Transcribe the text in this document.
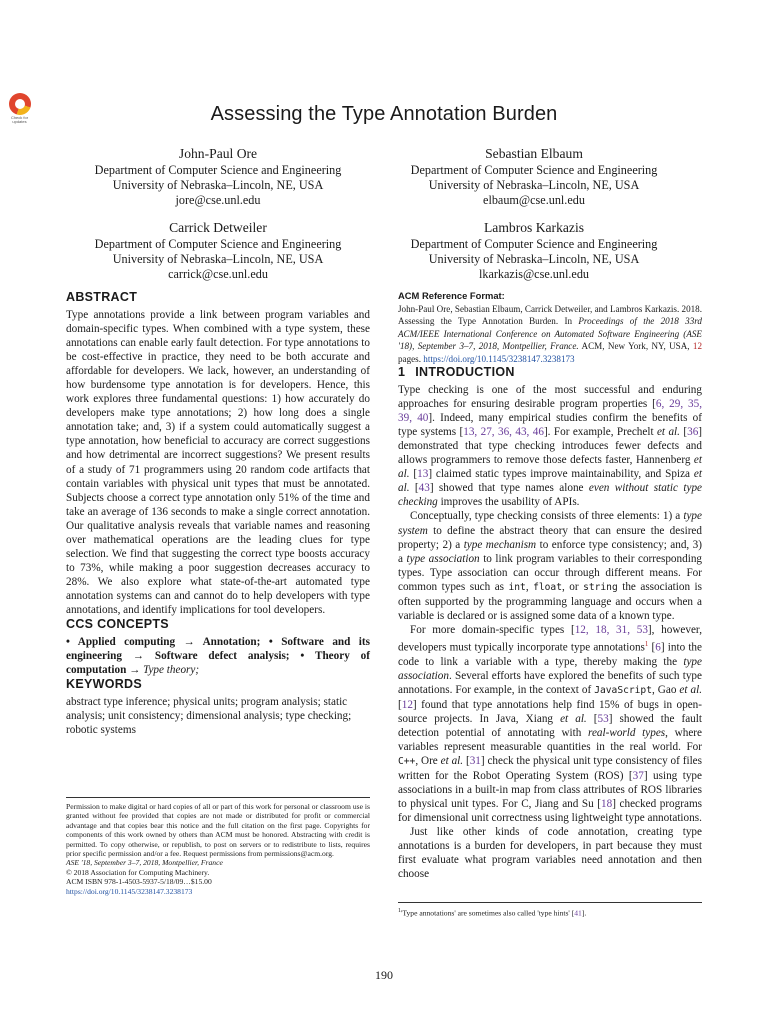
Check for updates	Assessing the Type Annotation Burden
John-Paul Ore
Department of Computer Science and Engineering
University of Nebraska–Lincoln, NE, USA
jore@cse.unl.edu
Sebastian Elbaum
Department of Computer Science and Engineering
University of Nebraska–Lincoln, NE, USA
elbaum@cse.unl.edu
Carrick Detweiler
Department of Computer Science and Engineering
University of Nebraska–Lincoln, NE, USA
carrick@cse.unl.edu
Lambros Karkazis
Department of Computer Science and Engineering
University of Nebraska–Lincoln, NE, USA
lkarkazis@cse.unl.edu
ABSTRACT

Type annotations provide a link between program variables and domain-specific types. When combined with a type system, these annotations can enable early fault detection. For type annotations to be cost-effective in practice, they need to be both accurate and affordable for developers. We lack, however, an understanding of how burdensome type annotation is for developers. Hence, this work explores three fundamental questions: 1) how accurately do developers make type annotations; 2) how long does a single annotation take; and, 3) if a system could automatically suggest a type annotation, how beneficial to accuracy are correct suggestions and how detrimental are incorrect suggestions? We present results of a study of 71 programmers using 20 random code artifacts that contain variables with physical unit types that must be annotated. Subjects choose a correct type annotation only 51% of the time and take an average of 136 seconds to make a single correct annotation. Our qualitative analysis reveals that variable names and reasoning over mathematical operations are the leading clues for type selection. We find that suggesting the correct type boosts accuracy to 73%, while making a poor suggestion decreases accuracy to 28%. We also explore what state-of-the-art automated type annotation systems can and cannot do to help developers with type annotations, and identify implications for tool developers.

CCS CONCEPTS

• Applied computing → Annotation; • Software and its engineering → Software defect analysis; • Theory of computation → Type theory;

KEYWORDS

abstract type inference; physical units; program analysis; static analysis; unit consistency; dimensional analysis; type checking; robotic systems

Permission to make digital or hard copies of all or part of this work for personal or classroom use is granted without fee provided that copies are not made or distributed for profit or commercial advantage and that copies bear this notice and the full citation on the first page. Copyrights for components of this work owned by others than ACM must be honored. Abstracting with credit is permitted. To copy otherwise, or republish, to post on servers or to redistribute to lists, requires prior specific permission and/or a fee. Request permissions from permissions@acm.org.
ASE '18, September 3–7, 2018, Montpellier, France
© 2018 Association for Computing Machinery.
ACM ISBN 978-1-4503-5937-5/18/09…$15.00
https://doi.org/10.1145/3238147.3238173
ACM Reference Format:

John-Paul Ore, Sebastian Elbaum, Carrick Detweiler, and Lambros Karkazis. 2018. Assessing the Type Annotation Burden. In Proceedings of the 2018 33rd ACM/IEEE International Conference on Automated Software Engineering (ASE '18), September 3–7, 2018, Montpellier, France. ACM, New York, NY, USA, 12 pages. https://doi.org/10.1145/3238147.3238173

1 INTRODUCTION

Type checking is one of the most successful and enduring approaches for ensuring desirable program properties [6, 29, 35, 39, 40]. Indeed, many empirical studies confirm the benefits of type systems [13, 27, 36, 43, 46]. For example, Prechelt et al. [36] demonstrated that type checking introduces fewer defects and allows programmers to remove those defects faster, Hannenberg et al. [13] claimed static types improve maintainability, and Spiza et al. [43] showed that type names alone even without static type checking improves the usability of APIs.

Conceptually, type checking consists of three elements: 1) a type system to define the abstract theory that can ensure the desired property; 2) a type mechanism to enforce type consistency; and, 3) a type association to link program variables to their corresponding types. Type association can occur through different means. For common types such as int, float, or string the association is often supported by the programming language and occurs when a variable is declared or is assigned some data of a known type.

For more domain-specific types [12, 18, 31, 53], however, developers must typically incorporate type annotations$^1$ [6] into the code to link a variable with a type, thereby making the type association. Several efforts have explored the benefits of such type annotations. For example, in the context of JavaScript, Gao et al. [12] found that type annotations help find 15% of bugs in open-source projects. In Java, Xiang et al. [53] showed the fault detection potential of annotating with real-world types, where variables represent measurable quantities in the real world. For C++, Ore et al. [31] check the physical unit type consistency of files written for the Robot Operating System (ROS) [37] using type associations in a built-in map from class attributes of ROS libraries to physical unit types. For C, Jiang and Su [18] checked programs for dimensional unit correctness using lightweight type annotations.

Just like other kinds of code annotation, creating type annotations is a burden for developers, in part because they must first evaluate what program variables need annotation and then choose

$^1$'Type annotations' are sometimes also called 'type hints' [41].
190
